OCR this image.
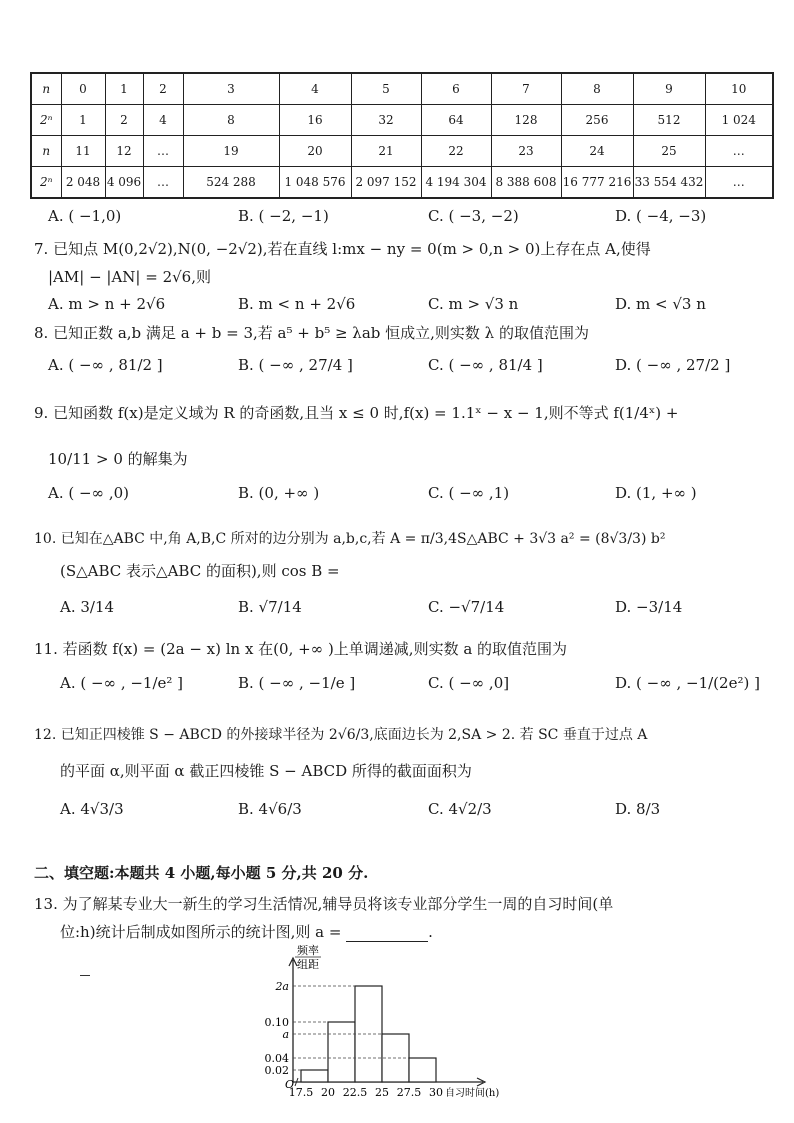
n	0	1	2	3	4	5	6	7	8	9	10
2ⁿ	1	2	4	8	16	32	64	128	256	512	1 024
n	11	12	…	19	20	21	22	23	24	25	…
2ⁿ	2 048	4 096	…	524 288	1 048 576	2 097 152	4 194 304	8 388 608	16 777 216	33 554 432	…
A. ( −1,0)	B. ( −2, −1)	C. ( −3, −2)	D. ( −4, −3)
7. 已知点 M(0,2√2),N(0, −2√2),若在直线 l:mx − ny = 0(m > 0,n > 0)上存在点 A,使得
|AM| − |AN| = 2√6,则
A. m > n + 2√6	B. m < n + 2√6	C. m > √3 n	D. m < √3 n
8. 已知正数 a,b 满足 a + b = 3,若 a⁵ + b⁵ ≥ λab 恒成立,则实数 λ 的取值范围为
A. ( −∞ , 81/2 ]	B. ( −∞ , 27/4 ]	C. ( −∞ , 81/4 ]	D. ( −∞ , 27/2 ]
9. 已知函数 f(x)是定义域为 R 的奇函数,且当 x ≤ 0 时,f(x) = 1.1ˣ − x − 1,则不等式 f(1/4ˣ) +
10/11 > 0 的解集为
A. ( −∞ ,0)	B. (0, +∞ )	C. ( −∞ ,1)	D. (1, +∞ )
10. 已知在△ABC 中,角 A,B,C 所对的边分别为 a,b,c,若 A = π/3,4S△ABC + 3√3 a² = (8√3/3) b²
(S△ABC 表示△ABC 的面积),则 cos B =
A. 3/14	B. √7/14	C. −√7/14	D. −3/14
11. 若函数 f(x) = (2a − x) ln x 在(0, +∞ )上单调递减,则实数 a 的取值范围为
A. ( −∞ , −1/e² ]	B. ( −∞ , −1/e ]	C. ( −∞ ,0]	D. ( −∞ , −1/(2e²) ]
12. 已知正四棱锥 S − ABCD 的外接球半径为 2√6/3,底面边长为 2,SA > 2. 若 SC 垂直于过点 A
的平面 α,则平面 α 截正四棱锥 S − ABCD 所得的截面面积为
A. 4√3/3	B. 4√6/3	C. 4√2/3	D. 8/3
二、填空题:本题共 4 小题,每小题 5 分,共 20 分.
13. 为了解某专业大一新生的学习生活情况,辅导员将该专业部分学生一周的自习时间(单
位:h)统计后制成如图所示的统计图,则 a =	.
频率
组距
0.02
0.04
a
0.10
2a
17.5 20 22.5 25 27.5 30
O
自习时间(h)
